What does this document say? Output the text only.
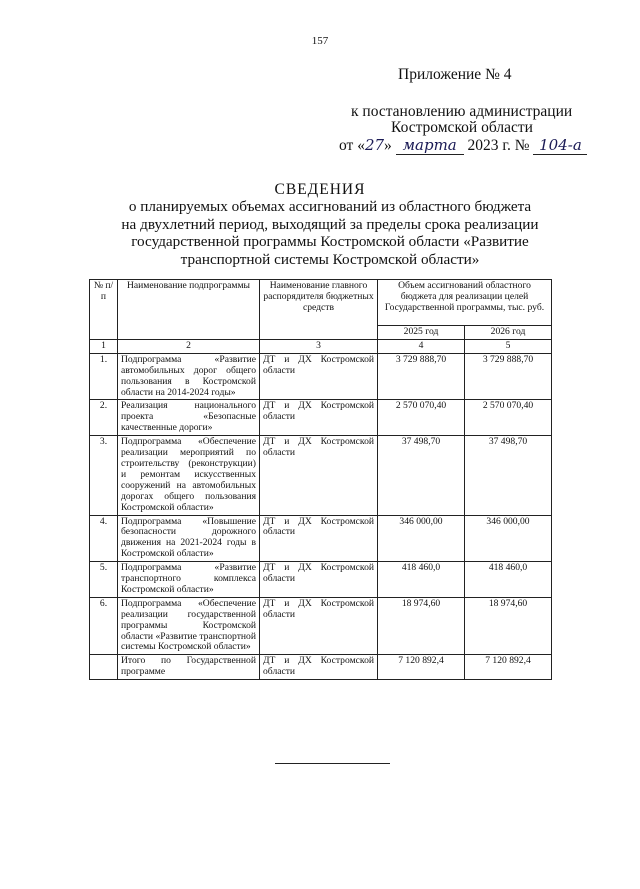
157
Приложение № 4
к постановлению администрации
Костромской области
от «27» марта 2023 г. № 104-а
СВЕДЕНИЯ
о планируемых объемах ассигнований из областного бюджета
на двухлетний период, выходящий за пределы срока реализации
государственной программы Костромской области «Развитие
транспортной системы Костромской области»
№ п/п	Наименование подпрограммы	Наименование главного распорядителя бюджетных средств	Объем ассигнований областного бюджета для реализации целей Государственной программы, тыс. руб.	
			2025 год	2026 год
1	2	3	4	5
1.	Подпрограмма «Развитие автомобильных дорог общего пользования в Костромской области на 2014-2024 годы»	ДТ и ДХ Костромской области	3 729 888,70	3 729 888,70
2.	Реализация национального проекта «Безопасные качественные дороги»	ДТ и ДХ Костромской области	2 570 070,40	2 570 070,40
3.	Подпрограмма «Обеспечение реализации мероприятий по строительству (реконструкции) и ремонтам искусственных сооружений на автомобильных дорогах общего пользования Костромской области»	ДТ и ДХ Костромской области	37 498,70	37 498,70
4.	Подпрограмма «Повышение безопасности дорожного движения на 2021-2024 годы в Костромской области»	ДТ и ДХ Костромской области	346 000,00	346 000,00
5.	Подпрограмма «Развитие транспортного комплекса Костромской области»	ДТ и ДХ Костромской области	418 460,0	418 460,0
6.	Подпрограмма «Обеспечение реализации государственной программы Костромской области «Развитие транспортной системы Костромской области»	ДТ и ДХ Костромской области	18 974,60	18 974,60
	Итого по Государственной программе	ДТ и ДХ Костромской области	7 120 892,4	7 120 892,4
